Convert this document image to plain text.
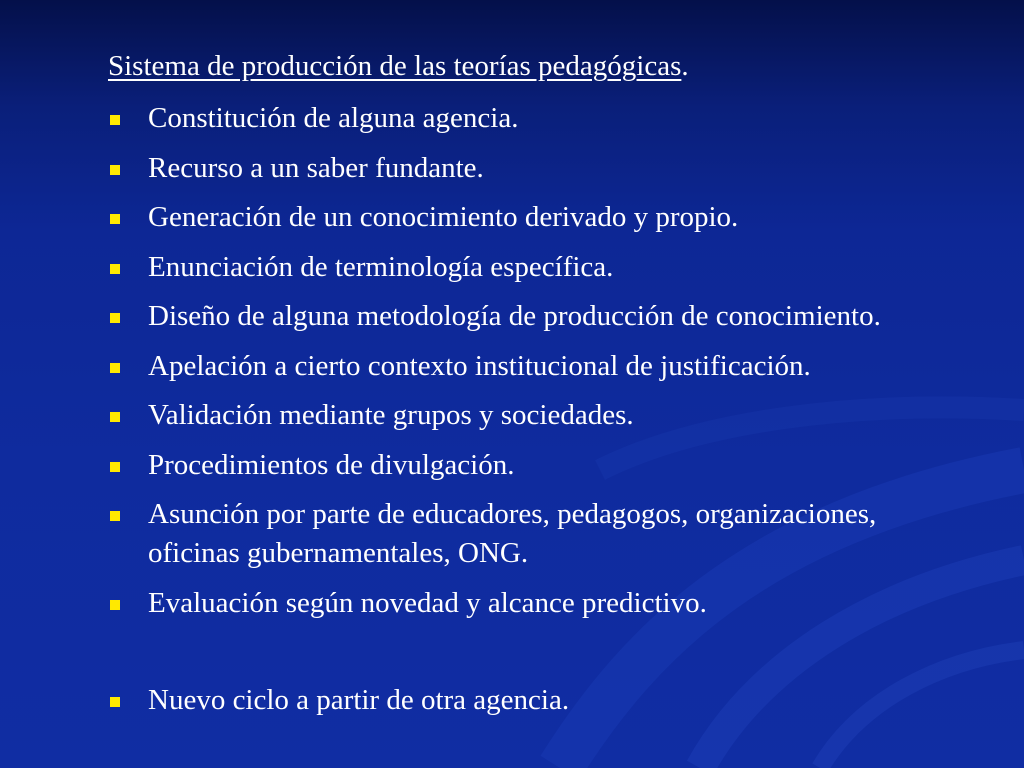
Sistema de producción de las teorías pedagógicas.
Constitución de alguna agencia.
Recurso a un saber fundante.
Generación de un conocimiento derivado y propio.
Enunciación de terminología específica.
Diseño de alguna metodología de producción de conocimiento.
Apelación a cierto contexto institucional de justificación.
Validación mediante grupos y sociedades.
Procedimientos de divulgación.
Asunción por parte de educadores, pedagogos, organizaciones,
oficinas gubernamentales, ONG.
Evaluación según novedad y alcance predictivo.
Nuevo ciclo a partir de otra agencia.
